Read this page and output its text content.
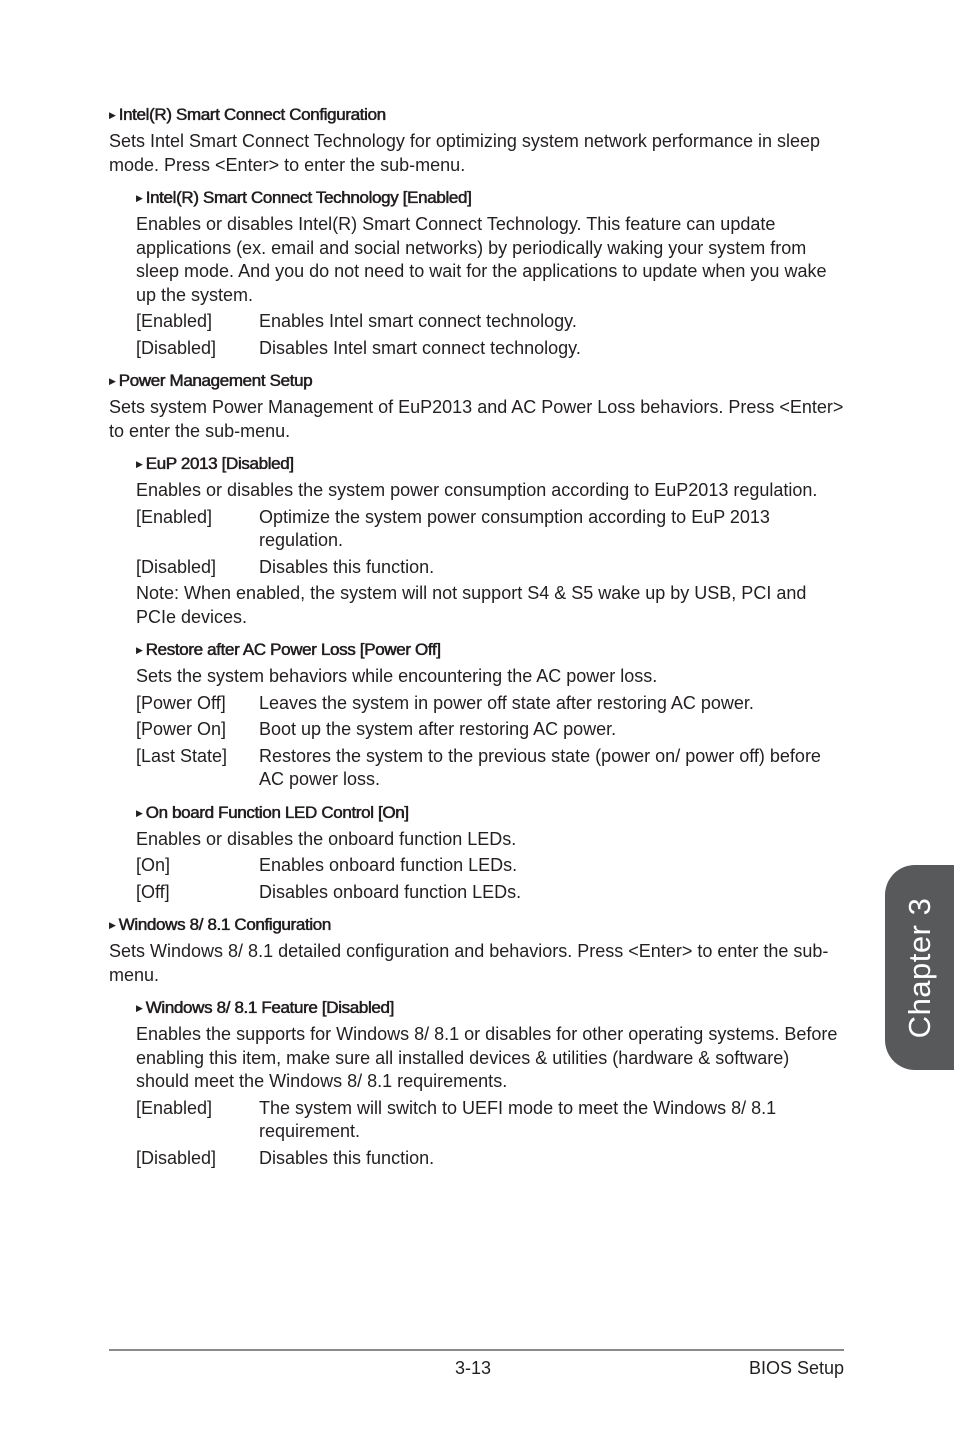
▶ Intel(R) Smart Connect Configuration

Sets Intel Smart Connect Technology for optimizing system network performance in sleep mode. Press <Enter> to enter the sub-menu.

▶ Intel(R) Smart Connect Technology [Enabled]

Enables or disables Intel(R) Smart Connect Technology. This feature can update applications (ex. email and social networks) by periodically waking your system from sleep mode. And you do not need to wait for the applications to update when you wake up the system.

[Enabled]	Enables Intel smart connect technology.
[Disabled]	Disables Intel smart connect technology.
▶ Power Management Setup

Sets system Power Management of EuP2013 and AC Power Loss behaviors. Press <Enter> to enter the sub-menu.

▶ EuP 2013 [Disabled]

Enables or disables the system power consumption according to EuP2013 regulation.

[Enabled]	Optimize the system power consumption according to EuP 2013 regulation.
[Disabled]	Disables this function.

Note: When enabled, the system will not support S4 & S5 wake up by USB, PCI and PCIe devices.

▶ Restore after AC Power Loss [Power Off]

Sets the system behaviors while encountering the AC power loss.

[Power Off]	Leaves the system in power off state after restoring AC power.
[Power On]	Boot up the system after restoring AC power.
[Last State]	Restores the system to the previous state (power on/ power off) before AC power loss.
▶ On board Function LED Control [On]

Enables or disables the onboard function LEDs.

[On]	Enables onboard function LEDs.
[Off]	Disables onboard function LEDs.
▶ Windows 8/ 8.1 Configuration

Sets Windows 8/ 8.1 detailed configuration and behaviors. Press <Enter> to enter the sub-menu.

▶ Windows 8/ 8.1 Feature [Disabled]

Enables the supports for Windows 8/ 8.1 or disables for other operating systems. Before enabling this item, make sure all installed devices & utilities (hardware & software) should meet the Windows 8/ 8.1 requirements.

[Enabled]	The system will switch to UEFI mode to meet the Windows 8/ 8.1 requirement.
[Disabled]	Disables this function.
Chapter 3
3-13	BIOS Setup
